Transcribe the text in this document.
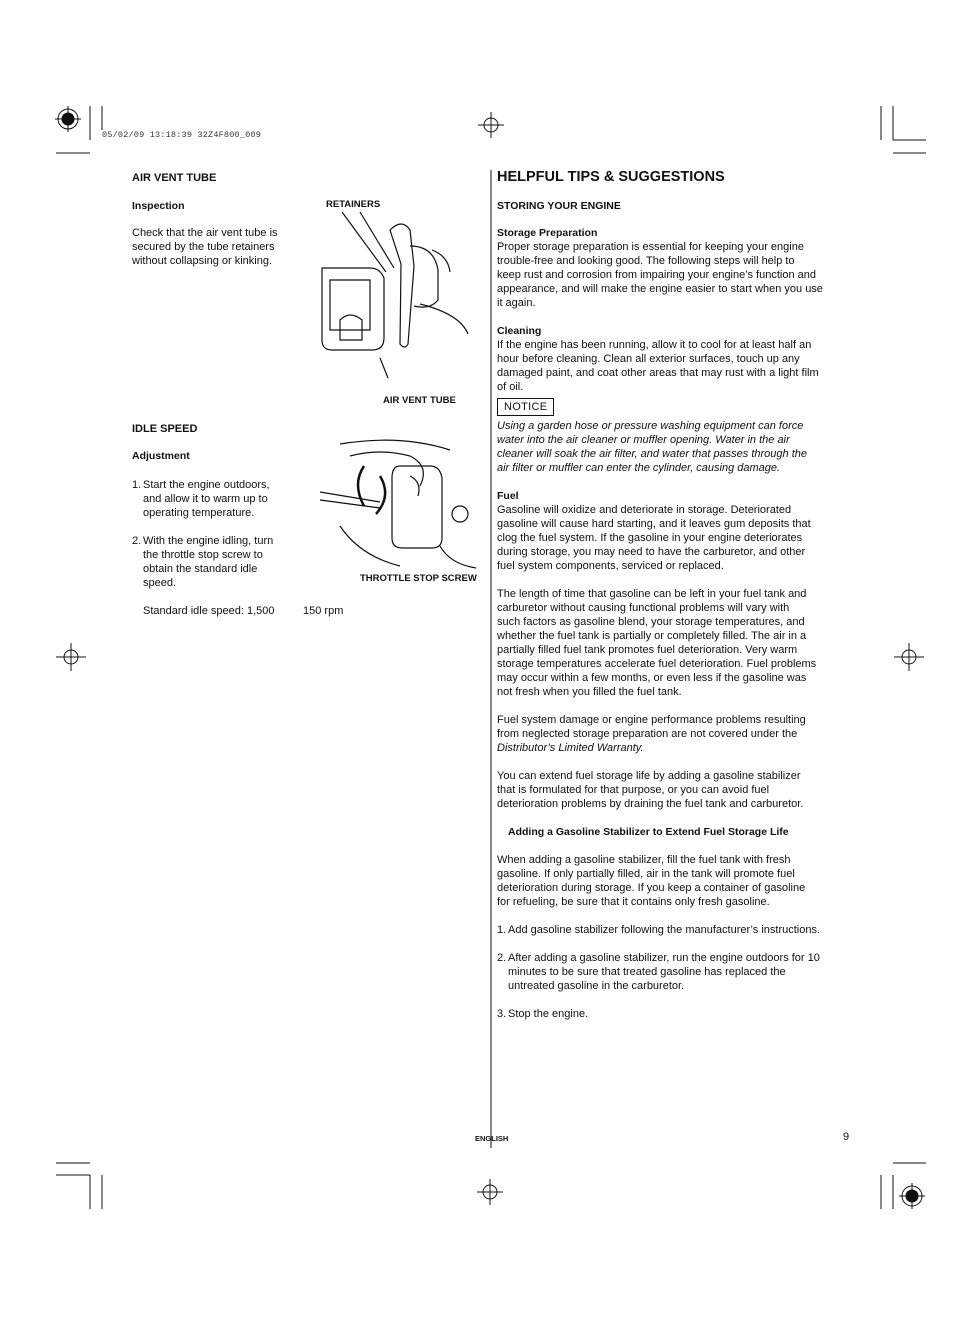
05/02/09 13:18:39 32Z4F800_009
AIR VENT TUBE
Inspection
Check that the air vent tube is
secured by the tube retainers
without collapsing or kinking.
RETAINERS
AIR VENT TUBE
IDLE SPEED
Adjustment
1. Start the engine outdoors,
and allow it to warm up to
operating temperature.
2. With the engine idling, turn
the throttle stop screw to
obtain the standard idle
speed.	THROTTLE STOP SCREW
Standard idle speed: 1,500	150 rpm
HELPFUL TIPS & SUGGESTIONS
STORING YOUR ENGINE
Storage Preparation
Proper storage preparation is essential for keeping your engine
trouble-free and looking good. The following steps will help to
keep rust and corrosion from impairing your engine’s function and
appearance, and will make the engine easier to start when you use
it again.
Cleaning
If the engine has been running, allow it to cool for at least half an
hour before cleaning. Clean all exterior surfaces, touch up any
damaged paint, and coat other areas that may rust with a light film
of oil.
NOTICE
Using a garden hose or pressure washing equipment can force
water into the air cleaner or muffler opening. Water in the air
cleaner will soak the air filter, and water that passes through the
air filter or muffler can enter the cylinder, causing damage.
Fuel
Gasoline will oxidize and deteriorate in storage. Deteriorated
gasoline will cause hard starting, and it leaves gum deposits that
clog the fuel system. If the gasoline in your engine deteriorates
during storage, you may need to have the carburetor, and other
fuel system components, serviced or replaced.
The length of time that gasoline can be left in your fuel tank and
carburetor without causing functional problems will vary with
such factors as gasoline blend, your storage temperatures, and
whether the fuel tank is partially or completely filled. The air in a
partially filled fuel tank promotes fuel deterioration. Very warm
storage temperatures accelerate fuel deterioration. Fuel problems
may occur within a few months, or even less if the gasoline was
not fresh when you filled the fuel tank.
Fuel system damage or engine performance problems resulting
from neglected storage preparation are not covered under the
Distributor’s Limited Warranty.
You can extend fuel storage life by adding a gasoline stabilizer
that is formulated for that purpose, or you can avoid fuel
deterioration problems by draining the fuel tank and carburetor.
Adding a Gasoline Stabilizer to Extend Fuel Storage Life
When adding a gasoline stabilizer, fill the fuel tank with fresh
gasoline. If only partially filled, air in the tank will promote fuel
deterioration during storage. If you keep a container of gasoline
for refueling, be sure that it contains only fresh gasoline.
1. Add gasoline stabilizer following the manufacturer’s instructions.
2. After adding a gasoline stabilizer, run the engine outdoors for 10
minutes to be sure that treated gasoline has replaced the
untreated gasoline in the carburetor.
3. Stop the engine.
ENGLISH	9
